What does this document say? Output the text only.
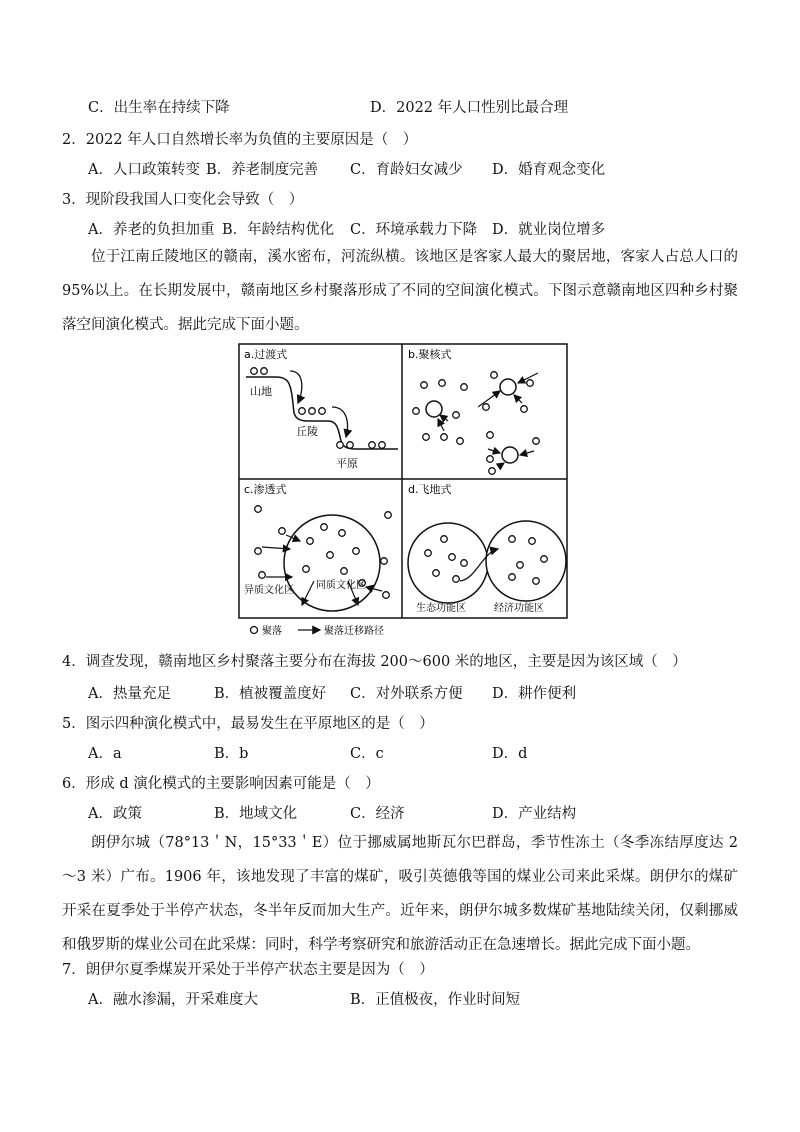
C．出生率在持续下降	D．2022 年人口性别比最合理
2．2022 年人口自然增长率为负值的主要原因是（　）
A．人口政策转变 B．养老制度完善 C．育龄妇女减少 D．婚育观念变化
3．现阶段我国人口变化会导致（　）
A．养老的负担加重 B．年龄结构优化 C．环境承载力下降 D．就业岗位增多
位于江南丘陵地区的赣南，溪水密布，河流纵横。该地区是客家人最大的聚居地，客家人占总人口的95%以上。在长期发展中，赣南地区乡村聚落形成了不同的空间演化模式。下图示意赣南地区四种乡村聚落空间演化模式。据此完成下面小题。
a.过渡式
山地
丘陵
平原
b.聚核式
c.渗透式
异质文化区 同质文化区
d.飞地式
生态功能区	经济功能区
聚落	聚落迁移路径
4．调查发现，赣南地区乡村聚落主要分布在海拔 200～600 米的地区，主要是因为该区域（　）
A．热量充足	B．植被覆盖度好 C．对外联系方便 D．耕作便利
5．图示四种演化模式中，最易发生在平原地区的是（　）
A．a	B．b	C．c	D．d
6．形成 d 演化模式的主要影响因素可能是（　）
A．政策	B．地域文化	C．经济	D．产业结构
朗伊尔城（78°13＇N，15°33＇E）位于挪威属地斯瓦尔巴群岛，季节性冻土（冬季冻结厚度达 2～3 米）广布。1906 年，该地发现了丰富的煤矿，吸引英德俄等国的煤业公司来此采煤。朗伊尔的煤矿开采在夏季处于半停产状态，冬半年反而加大生产。近年来，朗伊尔城多数煤矿基地陆续关闭，仅剩挪威和俄罗斯的煤业公司在此采煤：同时，科学考察研究和旅游活动正在急速增长。据此完成下面小题。
7．朗伊尔夏季煤炭开采处于半停产状态主要是因为（　）
A．融水渗漏，开采难度大	B．正值极夜，作业时间短
